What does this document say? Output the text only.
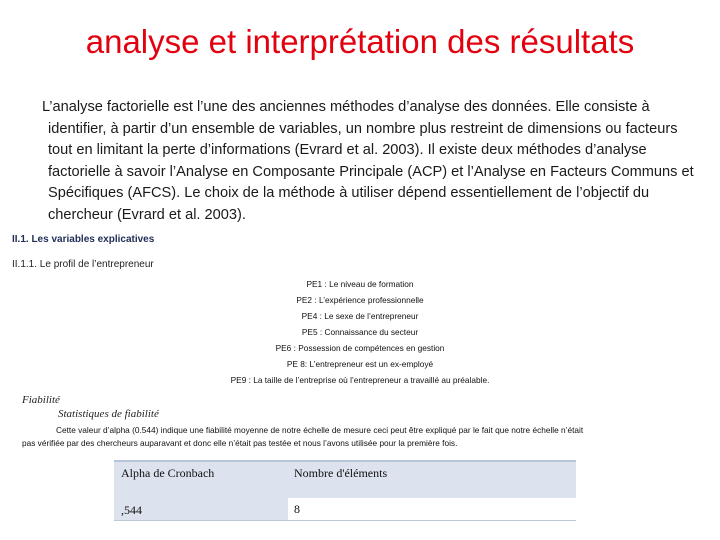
analyse et interprétation des résultats
L’analyse factorielle est l’une des anciennes méthodes d’analyse des données. Elle consiste à identifier, à partir d’un ensemble de variables, un nombre plus restreint de dimensions ou facteurs tout en limitant la perte d’informations (Evrard et al. 2003). Il existe deux méthodes d’analyse factorielle à savoir l’Analyse en Composante Principale (ACP) et l’Analyse en Facteurs Communs et Spécifiques (AFCS). Le choix de la méthode à utiliser dépend essentiellement de l’objectif du chercheur (Evrard et al. 2003).
II.1. Les variables explicatives
II.1.1. Le profil de l’entrepreneur
PE1 : Le niveau de formation
PE2 : L’expérience professionnelle
PE4 : Le sexe de l’entrepreneur
PE5 : Connaissance du secteur
PE6 : Possession de compétences en gestion
PE 8: L’entrepreneur est un ex-employé
PE9 : La taille de l’entreprise où l’entrepreneur a travaillé au préalable.
Fiabilité
Statistiques de fiabilité
Cette valeur d’alpha (0.544) indique une fiabilité moyenne de notre échelle de mesure ceci peut être expliqué par le fait que notre échelle n’était
pas vérifiée par des chercheurs auparavant et donc elle n’était pas testée et nous l’avons utilisée pour la première fois.
Alpha de Cronbach	Nombre d'éléments
,544	8
